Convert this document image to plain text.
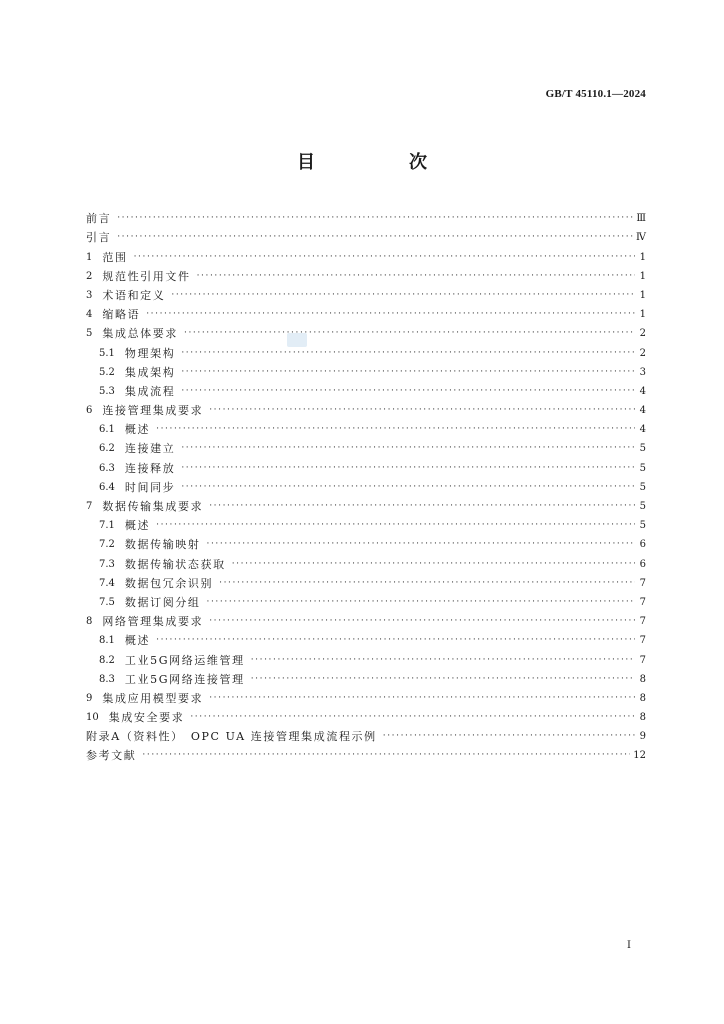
GB/T 45110.1—2024
目　次
前言 ·····	Ⅲ
引言 ·····	Ⅳ
1 范围 ·····	1
2 规范性引用文件 ·····	1
3 术语和定义 ·····	1
4 缩略语 ·····	1
5 集成总体要求 ·····	2
5.1 物理架构 ·····	2
5.2 集成架构 ·····	3
5.3 集成流程 ·····	4
6 连接管理集成要求 ·····	4
6.1 概述 ·····	4
6.2 连接建立 ·····	5
6.3 连接释放 ·····	5
6.4 时间同步 ·····	5
7 数据传输集成要求 ·····	5
7.1 概述 ·····	5
7.2 数据传输映射 ·····	6
7.3 数据传输状态获取 ·····	6
7.4 数据包冗余识别 ·····	7
7.5 数据订阅分组 ·····	7
8 网络管理集成要求 ·····	7
8.1 概述 ·····	7
8.2 工业5G网络运维管理 ·····	7
8.3 工业5G网络连接管理 ·····	8
9 集成应用模型要求 ·····	8
10 集成安全要求 ·····	8
附录A（资料性）　OPC UA 连接管理集成流程示例 ·····	9
参考文献 ·····	12
Ⅰ
